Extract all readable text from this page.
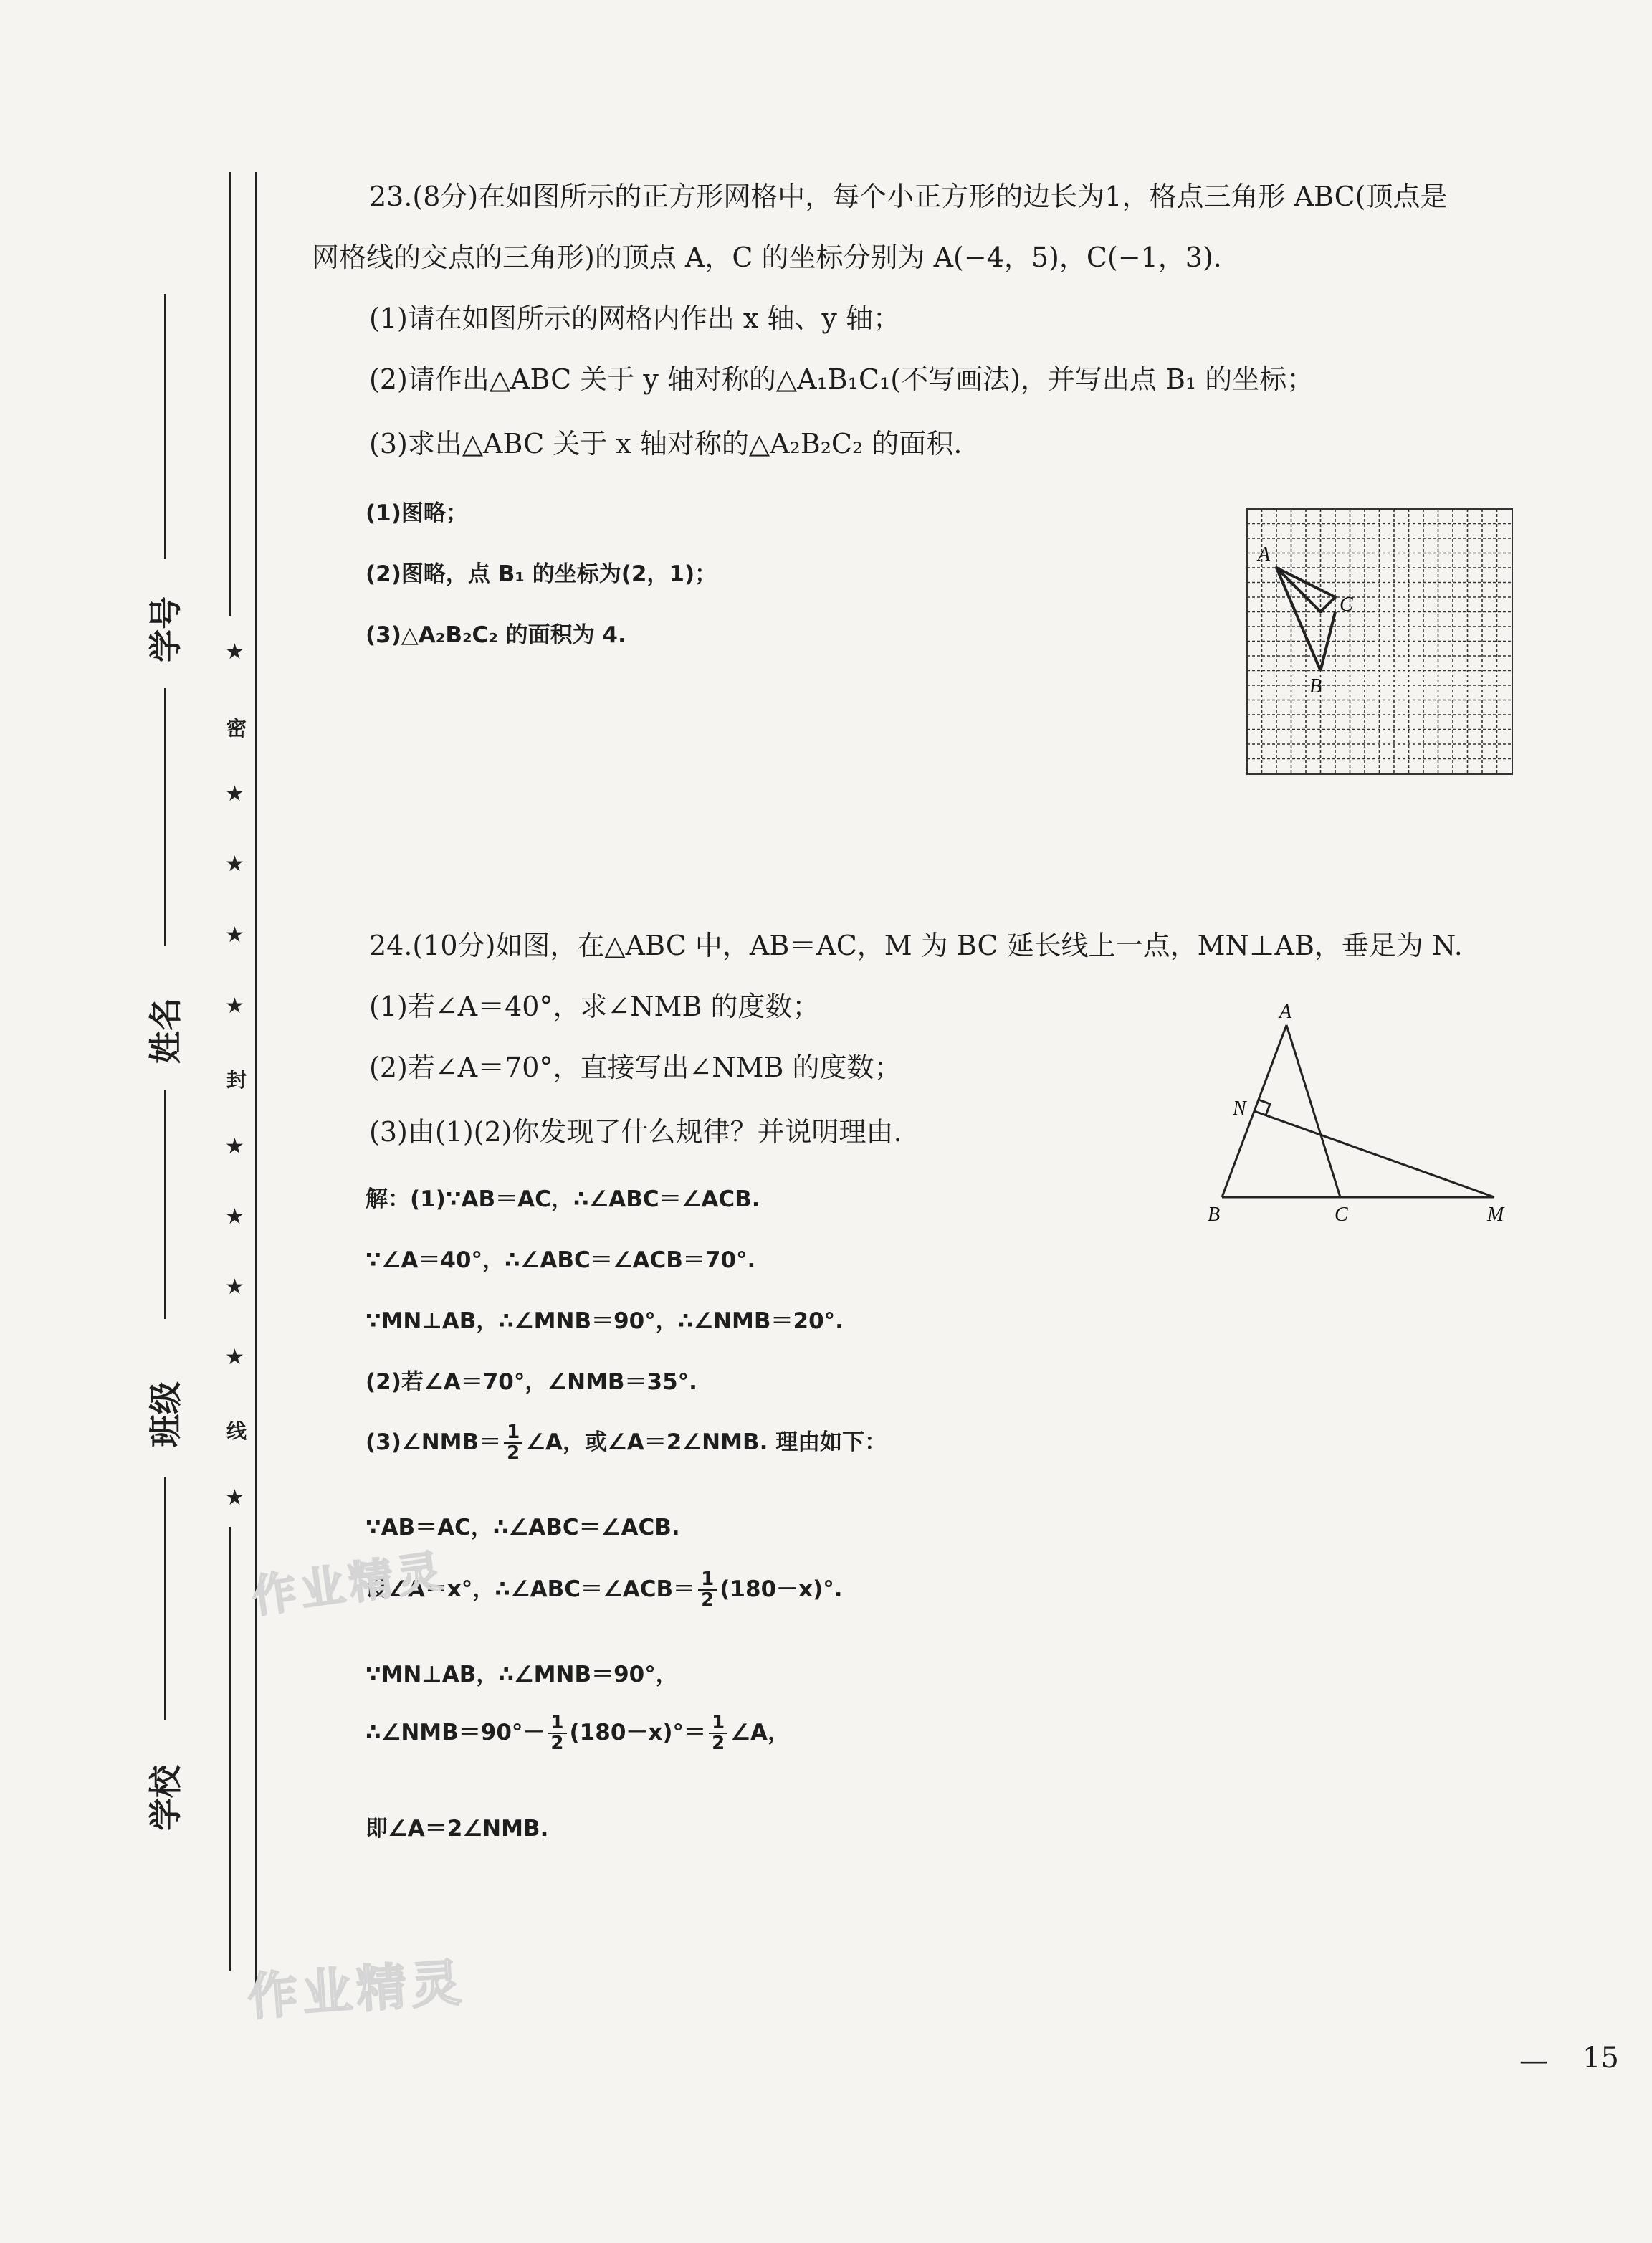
学号
姓名
班级
学校
★
密
★
★
★
★
封
★
★
★
★
线
★
23.(8分)在如图所示的正方形网格中，每个小正方形的边长为1，格点三角形 ABC(顶点是
网格线的交点的三角形)的顶点 A，C 的坐标分别为 A(−4，5)，C(−1，3).
(1)请在如图所示的网格内作出 x 轴、y 轴；
(2)请作出△ABC 关于 y 轴对称的△A₁B₁C₁(不写画法)，并写出点 B₁ 的坐标；
(3)求出△ABC 关于 x 轴对称的△A₂B₂C₂ 的面积.
(1)图略；
(2)图略，点 B₁ 的坐标为(2，1)；
(3)△A₂B₂C₂ 的面积为 4.
A
B
C
24.(10分)如图，在△ABC 中，AB＝AC，M 为 BC 延长线上一点，MN⊥AB，垂足为 N.
(1)若∠A＝40°，求∠NMB 的度数；
(2)若∠A＝70°，直接写出∠NMB 的度数；
(3)由(1)(2)你发现了什么规律？并说明理由.
解：(1)∵AB＝AC，∴∠ABC＝∠ACB.
∵∠A＝40°，∴∠ABC＝∠ACB＝70°.
∵MN⊥AB，∴∠MNB＝90°，∴∠NMB＝20°.
(2)若∠A＝70°，∠NMB＝35°.
(3)∠NMB＝ $\frac{1}{2}$ ∠A，或∠A＝2∠NMB. 理由如下：
∵AB＝AC，∴∠ABC＝∠ACB.
设∠A＝x°，∴∠ABC＝∠ACB＝ $\frac{1}{2} (180-x)^\circ$.
∵MN⊥AB，∴∠MNB＝90°，
∴∠NMB＝90°－ $\frac{1}{2} (180-x)^\circ= \frac{1}{2}$ ∠A，
即∠A＝2∠NMB.
A
B	C	M
N
作业精灵
作业精灵
— 15
